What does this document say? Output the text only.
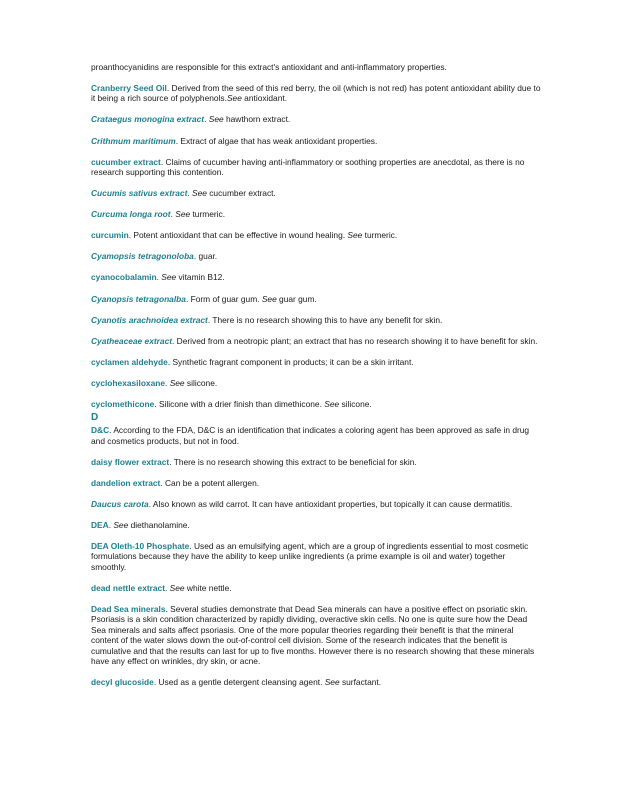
proanthocyanidins are responsible for this extract's antioxidant and anti-inflammatory properties.
Cranberry Seed Oil. Derived from the seed of this red berry, the oil (which is not red) has potent antioxidant ability due to it being a rich source of polyphenols.See antioxidant.
Crataegus monogina extract. See hawthorn extract.
Crithmum maritimum. Extract of algae that has weak antioxidant properties.
cucumber extract. Claims of cucumber having anti-inflammatory or soothing properties are anecdotal, as there is no research supporting this contention.
Cucumis sativus extract. See cucumber extract.
Curcuma longa root. See turmeric.
curcumin. Potent antioxidant that can be effective in wound healing. See turmeric.
Cyamopsis tetragonoloba. guar.
cyanocobalamin. See vitamin B12.
Cyanopsis tetragonalba. Form of guar gum. See guar gum.
Cyanotis arachnoidea extract. There is no research showing this to have any benefit for skin.
Cyatheaceae extract. Derived from a neotropic plant; an extract that has no research showing it to have benefit for skin.
cyclamen aldehyde. Synthetic fragrant component in products; it can be a skin irritant.
cyclohexasiloxane. See silicone.
cyclomethicone. Silicone with a drier finish than dimethicone. See silicone.
D
D&C. According to the FDA, D&C is an identification that indicates a coloring agent has been approved as safe in drug and cosmetics products, but not in food.
daisy flower extract. There is no research showing this extract to be beneficial for skin.
dandelion extract. Can be a potent allergen.
Daucus carota. Also known as wild carrot. It can have antioxidant properties, but topically it can cause dermatitis.
DEA. See diethanolamine.
DEA Oleth-10 Phosphate. Used as an emulsifying agent, which are a group of ingredients essential to most cosmetic formulations because they have the ability to keep unlike ingredients (a prime example is oil and water) together smoothly.
dead nettle extract. See white nettle.
Dead Sea minerals. Several studies demonstrate that Dead Sea minerals can have a positive effect on psoriatic skin. Psoriasis is a skin condition characterized by rapidly dividing, overactive skin cells. No one is quite sure how the Dead Sea minerals and salts affect psoriasis. One of the more popular theories regarding their benefit is that the mineral content of the water slows down the out-of-control cell division. Some of the research indicates that the benefit is cumulative and that the results can last for up to five months. However there is no research showing that these minerals have any effect on wrinkles, dry skin, or acne.
decyl glucoside. Used as a gentle detergent cleansing agent. See surfactant.
